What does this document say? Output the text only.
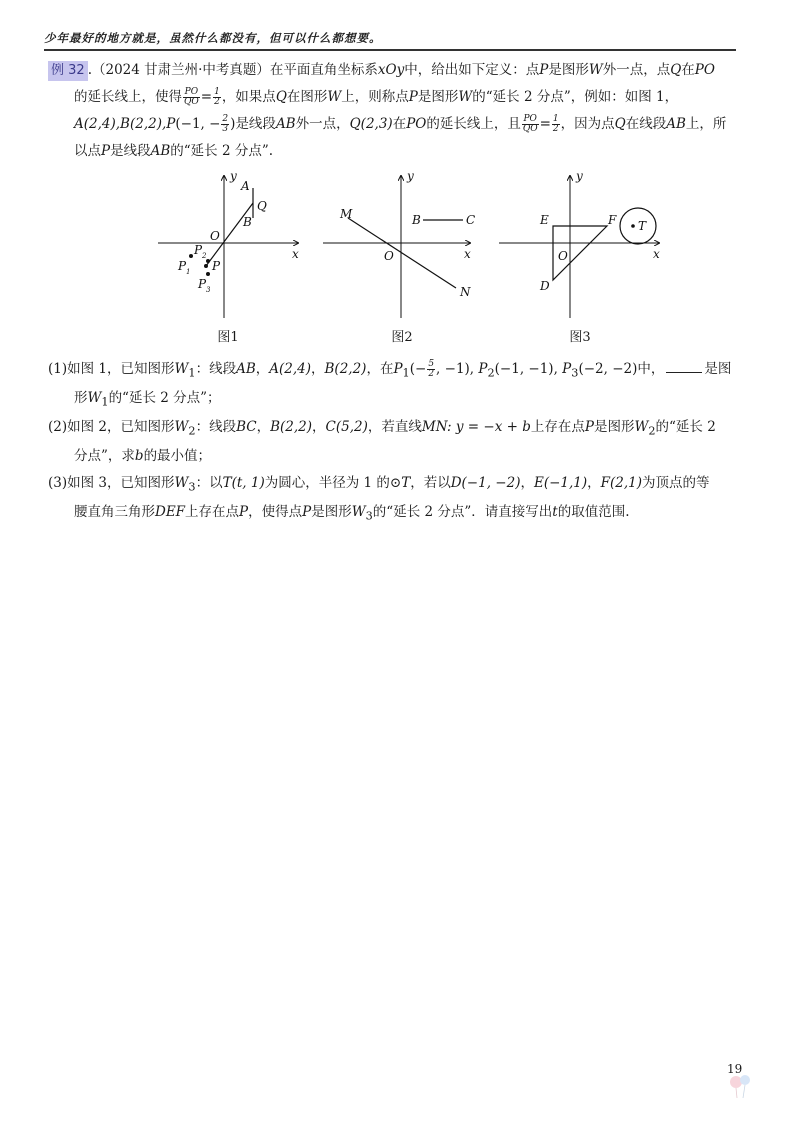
少年最好的地方就是，虽然什么都没有，但可以什么都想要。

例 32 .（2024 甘肃兰州·中考真题）在平面直角坐标系xOy中，给出如下定义：点P是图形W外一点，点Q在PO

的延长线上，使得 $\frac{PO}{QO} = \frac{1}{2}$ ，如果点Q在图形W上，则称点P是图形W的“延长 2 分点”，例如：如图 1，

A(2,4),B(2,2),P(−1, − $\frac{2}{3}$ )是线段AB外一点，Q(2,3)在PO的延长线上，且 $\frac{PO}{QO} = \frac{1}{2}$ ，因为点Q在线段AB上，所

以点P是线段AB的“延长 2 分点”.

x
y
O
A
B
Q
P 1
P 2
P
P 3
图1
x
y
O
M
N
B	C
图2
x
y
O
E	F
D
T
图3

(1)如图 1，已知图形$W_1$：线段AB，A(2,4)，B(2,2)，在$P_1(- \frac{5}{2}$ , −1), $P_2(-1$, −1), $P_3(-2$, −2)中，	是图

形$W_1$的“延长 2 分点”；

(2)如图 2，已知图形$W_2$：线段BC，B(2,2)，C(5,2)，若直线MN: y = −x + b上存在点P是图形$W_2$的“延长 2

分点”，求b的最小值；

(3)如图 3，已知图形$W_3$：以T(t, 1)为圆心，半径为 1 的⊙T，若以D(−1, −2)，E(−1,1)，F(2,1)为顶点的等

腰直角三角形DEF上存在点P，使得点P是图形$W_3$的“延长 2 分点”．请直接写出t的取值范围.

19
